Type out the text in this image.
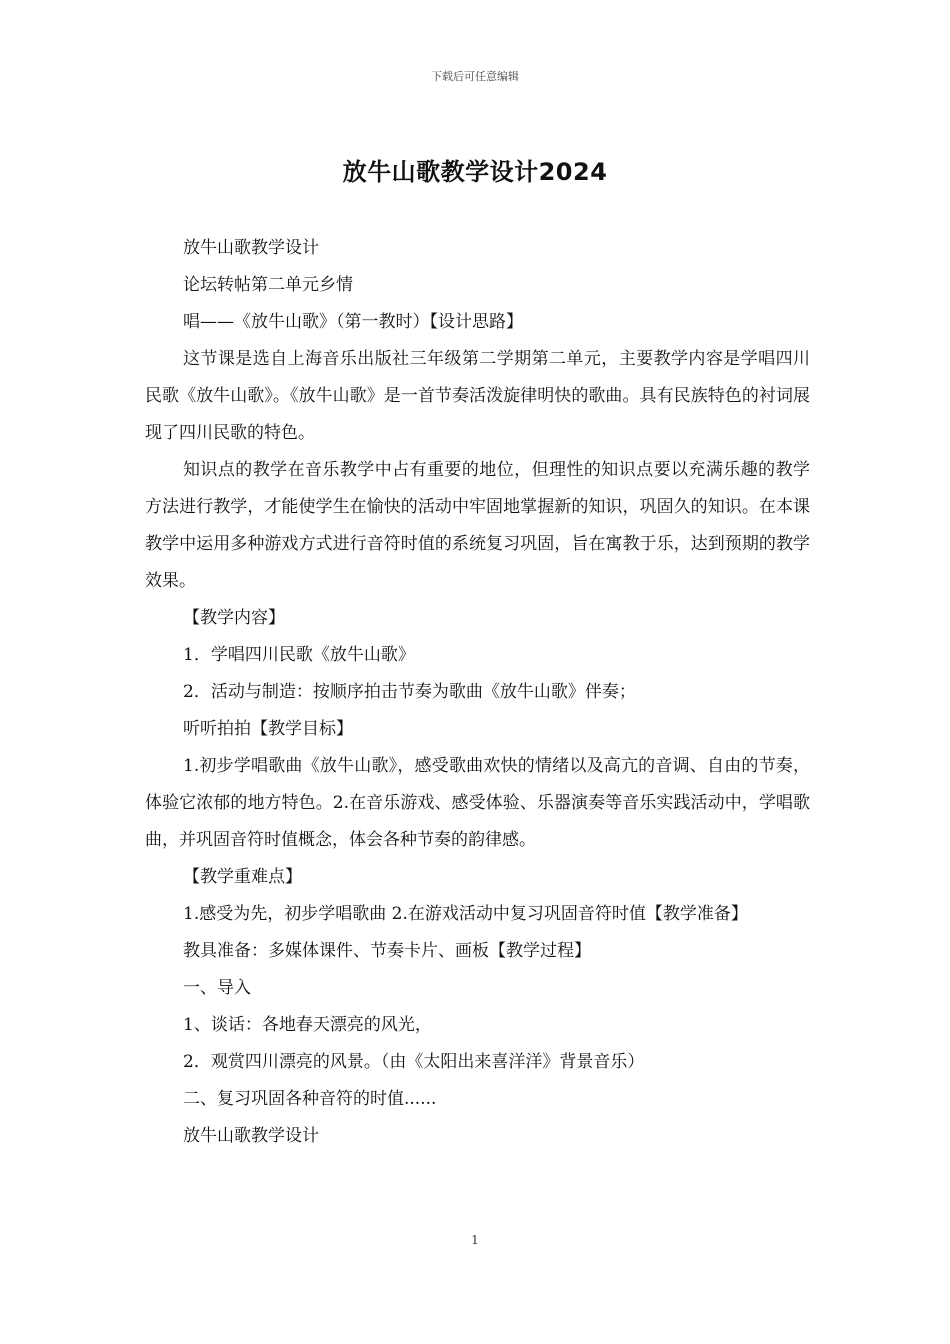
下载后可任意编辑
放牛山歌教学设计2024

放牛山歌教学设计

论坛转帖第二单元乡情

唱——《放牛山歌》（第一教时）【设计思路】

这节课是选自上海音乐出版社三年级第二学期第二单元，主要教学内容是学唱四川民歌《放牛山歌》。《放牛山歌》是一首节奏活泼旋律明快的歌曲。具有民族特色的衬词展现了四川民歌的特色。

知识点的教学在音乐教学中占有重要的地位，但理性的知识点要以充满乐趣的教学方法进行教学，才能使学生在愉快的活动中牢固地掌握新的知识，巩固久的知识。在本课教学中运用多种游戏方式进行音符时值的系统复习巩固，旨在寓教于乐，达到预期的教学效果。

【教学内容】

1．学唱四川民歌《放牛山歌》

2．活动与制造：按顺序拍击节奏为歌曲《放牛山歌》伴奏；

听听拍拍【教学目标】

1.初步学唱歌曲《放牛山歌》，感受歌曲欢快的情绪以及高亢的音调、自由的节奏，体验它浓郁的地方特色。2.在音乐游戏、感受体验、乐器演奏等音乐实践活动中，学唱歌曲，并巩固音符时值概念，体会各种节奏的韵律感。

【教学重难点】

1.感受为先，初步学唱歌曲 2.在游戏活动中复习巩固音符时值【教学准备】

教具准备：多媒体课件、节奏卡片、画板【教学过程】

一、导入

1、谈话：各地春天漂亮的风光，

2．观赏四川漂亮的风景。（由《太阳出来喜洋洋》背景音乐）

二、复习巩固各种音符的时值......

放牛山歌教学设计

1
